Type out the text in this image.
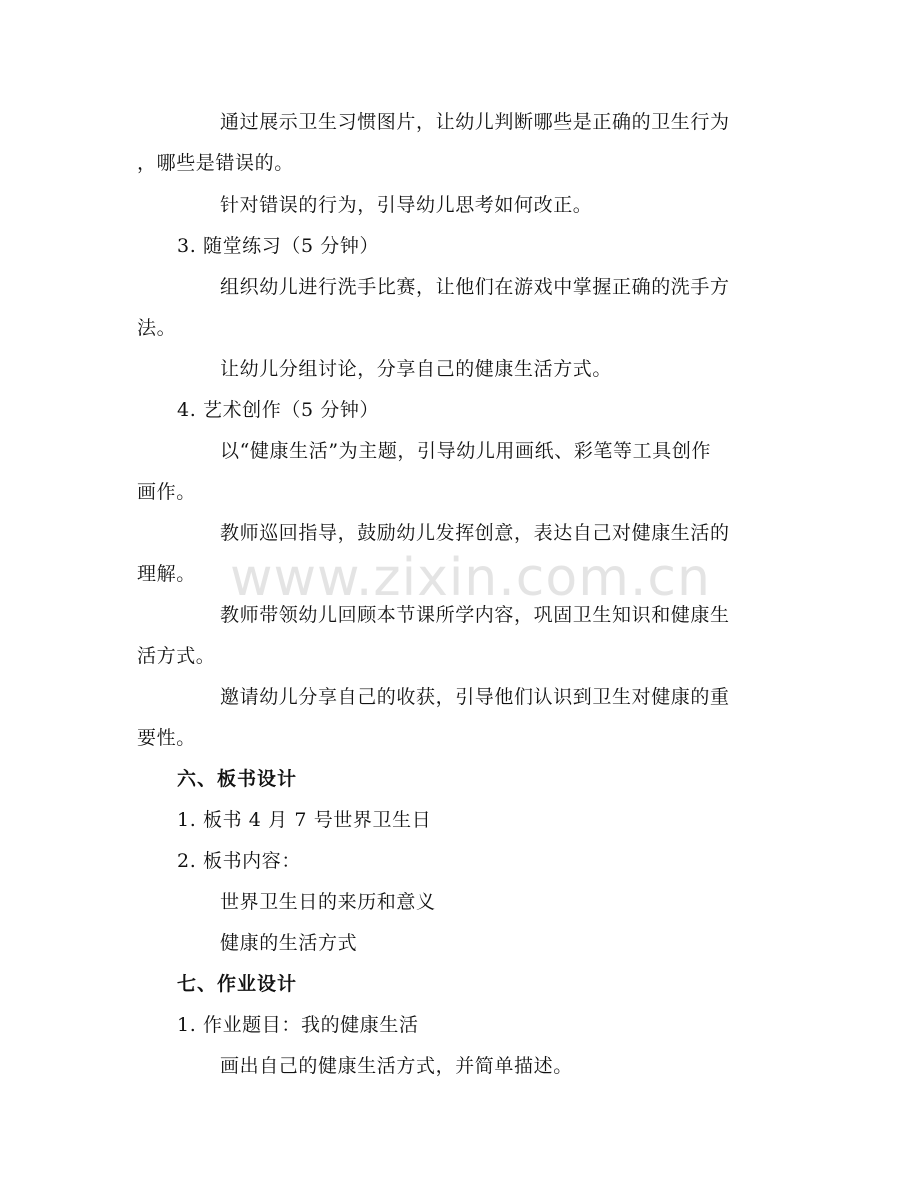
www.zixin.com.cn
通过展示卫生习惯图片，让幼儿判断哪些是正确的卫生行为
，哪些是错误的。
针对错误的行为，引导幼儿思考如何改正。
3. 随堂练习（5 分钟）
组织幼儿进行洗手比赛，让他们在游戏中掌握正确的洗手方
法。
让幼儿分组讨论，分享自己的健康生活方式。
4. 艺术创作（5 分钟）
以“健康生活”为主题，引导幼儿用画纸、彩笔等工具创作
画作。
教师巡回指导，鼓励幼儿发挥创意，表达自己对健康生活的
理解。
教师带领幼儿回顾本节课所学内容，巩固卫生知识和健康生
活方式。
邀请幼儿分享自己的收获，引导他们认识到卫生对健康的重
要性。
六、板书设计
1. 板书 4 月 7 号世界卫生日
2. 板书内容：
世界卫生日的来历和意义
健康的生活方式
七、作业设计
1. 作业题目：我的健康生活
画出自己的健康生活方式，并简单描述。
